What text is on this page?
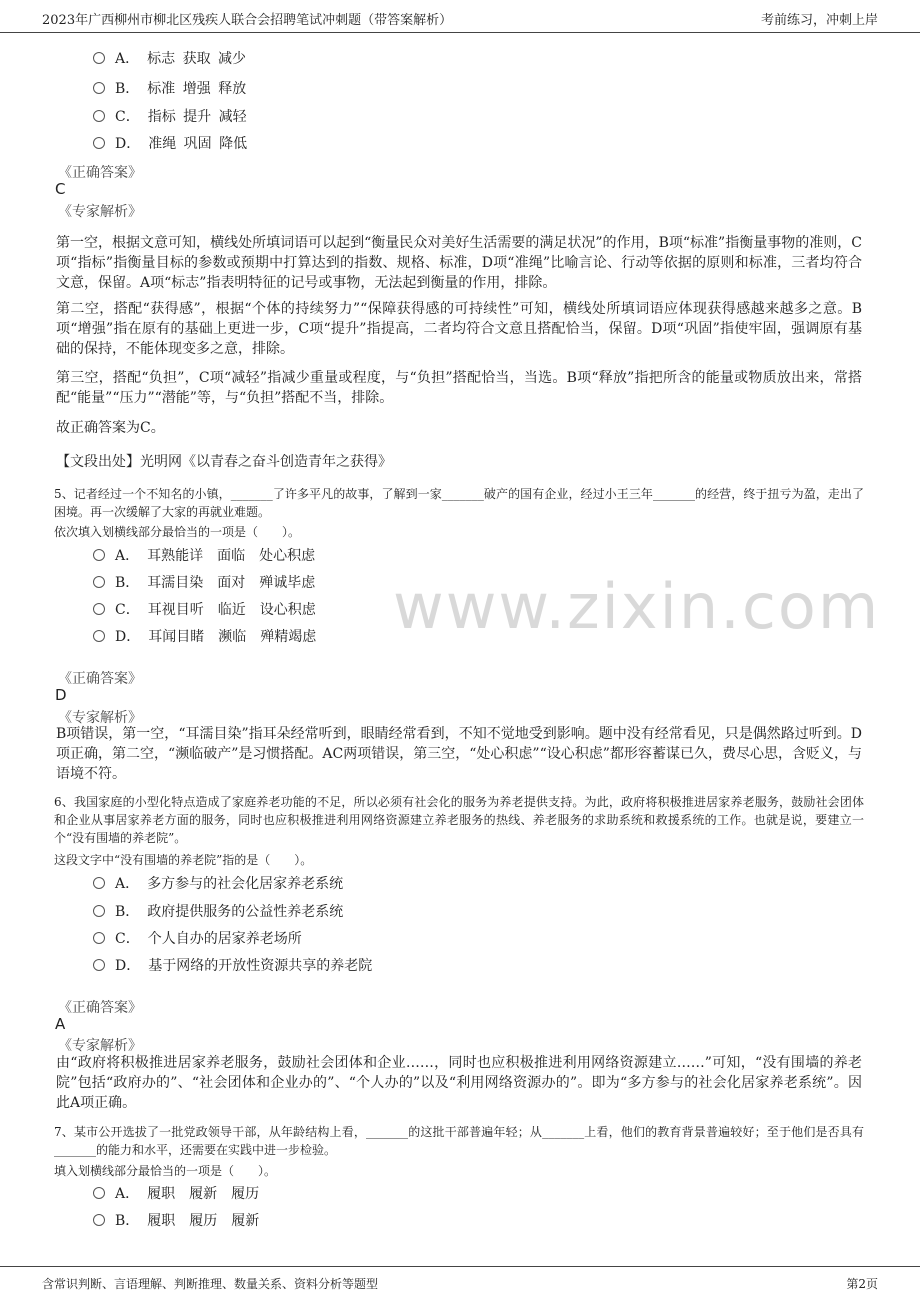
2023年广西柳州市柳北区残疾人联合会招聘笔试冲刺题（带答案解析）	考前练习，冲刺上岸
www.zixin.com
A． 标志 获取 减少
B． 标准 增强 释放
C． 指标 提升 减轻
D． 准绳 巩固 降低
《正确答案》
C
《专家解析》
第一空，根据文意可知，横线处所填词语可以起到“衡量民众对美好生活需要的满足状况”的作用，B项“标准”指衡量事物的准则，C项“指标”指衡量目标的参数或预期中打算达到的指数、规格、标准，D项“准绳”比喻言论、行动等依据的原则和标准，三者均符合文意，保留。A项“标志”指表明特征的记号或事物，无法起到衡量的作用，排除。
第二空，搭配“获得感”，根据“个体的持续努力”“保障获得感的可持续性”可知，横线处所填词语应体现获得感越来越多之意。B项“增强”指在原有的基础上更进一步，C项“提升”指提高，二者均符合文意且搭配恰当，保留。D项“巩固”指使牢固，强调原有基础的保持，不能体现变多之意，排除。
第三空，搭配“负担”，C项“减轻”指减少重量或程度，与“负担”搭配恰当，当选。B项“释放”指把所含的能量或物质放出来，常搭配“能量”“压力”“潜能”等，与“负担”搭配不当，排除。
故正确答案为C。
【文段出处】光明网《以青春之奋斗创造青年之获得》
5、记者经过一个不知名的小镇，_______了许多平凡的故事，了解到一家_______破产的国有企业，经过小王三年_______的经营，终于扭亏为盈，走出了困境。再一次缓解了大家的再就业难题。
依次填入划横线部分最恰当的一项是（　　）。
A． 耳熟能详　面临　处心积虑
B． 耳濡目染　面对　殚诚毕虑
C． 耳视目听　临近　设心积虑
D． 耳闻目睹　濒临　殚精竭虑
《正确答案》
D
《专家解析》
B项错误，第一空，“耳濡目染”指耳朵经常听到，眼睛经常看到，不知不觉地受到影响。题中没有经常看见，只是偶然路过听到。D项正确，第二空，“濒临破产”是习惯搭配。AC两项错误，第三空，“处心积虑”“设心积虑”都形容蓄谋已久，费尽心思，含贬义，与语境不符。
6、我国家庭的小型化特点造成了家庭养老功能的不足，所以必须有社会化的服务为养老提供支持。为此，政府将积极推进居家养老服务，鼓励社会团体和企业从事居家养老方面的服务，同时也应积极推进利用网络资源建立养老服务的热线、养老服务的求助系统和救援系统的工作。也就是说，要建立一个“没有围墙的养老院”。
这段文字中“没有围墙的养老院”指的是（　　）。
A． 多方参与的社会化居家养老系统
B． 政府提供服务的公益性养老系统
C． 个人自办的居家养老场所
D． 基于网络的开放性资源共享的养老院
《正确答案》
A
《专家解析》
由“政府将积极推进居家养老服务，鼓励社会团体和企业……，同时也应积极推进利用网络资源建立……”可知，“没有围墙的养老院”包括“政府办的”、“社会团体和企业办的”、“个人办的”以及“利用网络资源办的”。即为“多方参与的社会化居家养老系统”。因此A项正确。
7、某市公开选拔了一批党政领导干部，从年龄结构上看，_______的这批干部普遍年轻；从_______上看，他们的教育背景普遍较好；至于他们是否具有_______的能力和水平，还需要在实践中进一步检验。
填入划横线部分最恰当的一项是（　　）。
A． 履职　履新　履历
B． 履职　履历　履新
含常识判断、言语理解、判断推理、数量关系、资料分析等题型	第2页
